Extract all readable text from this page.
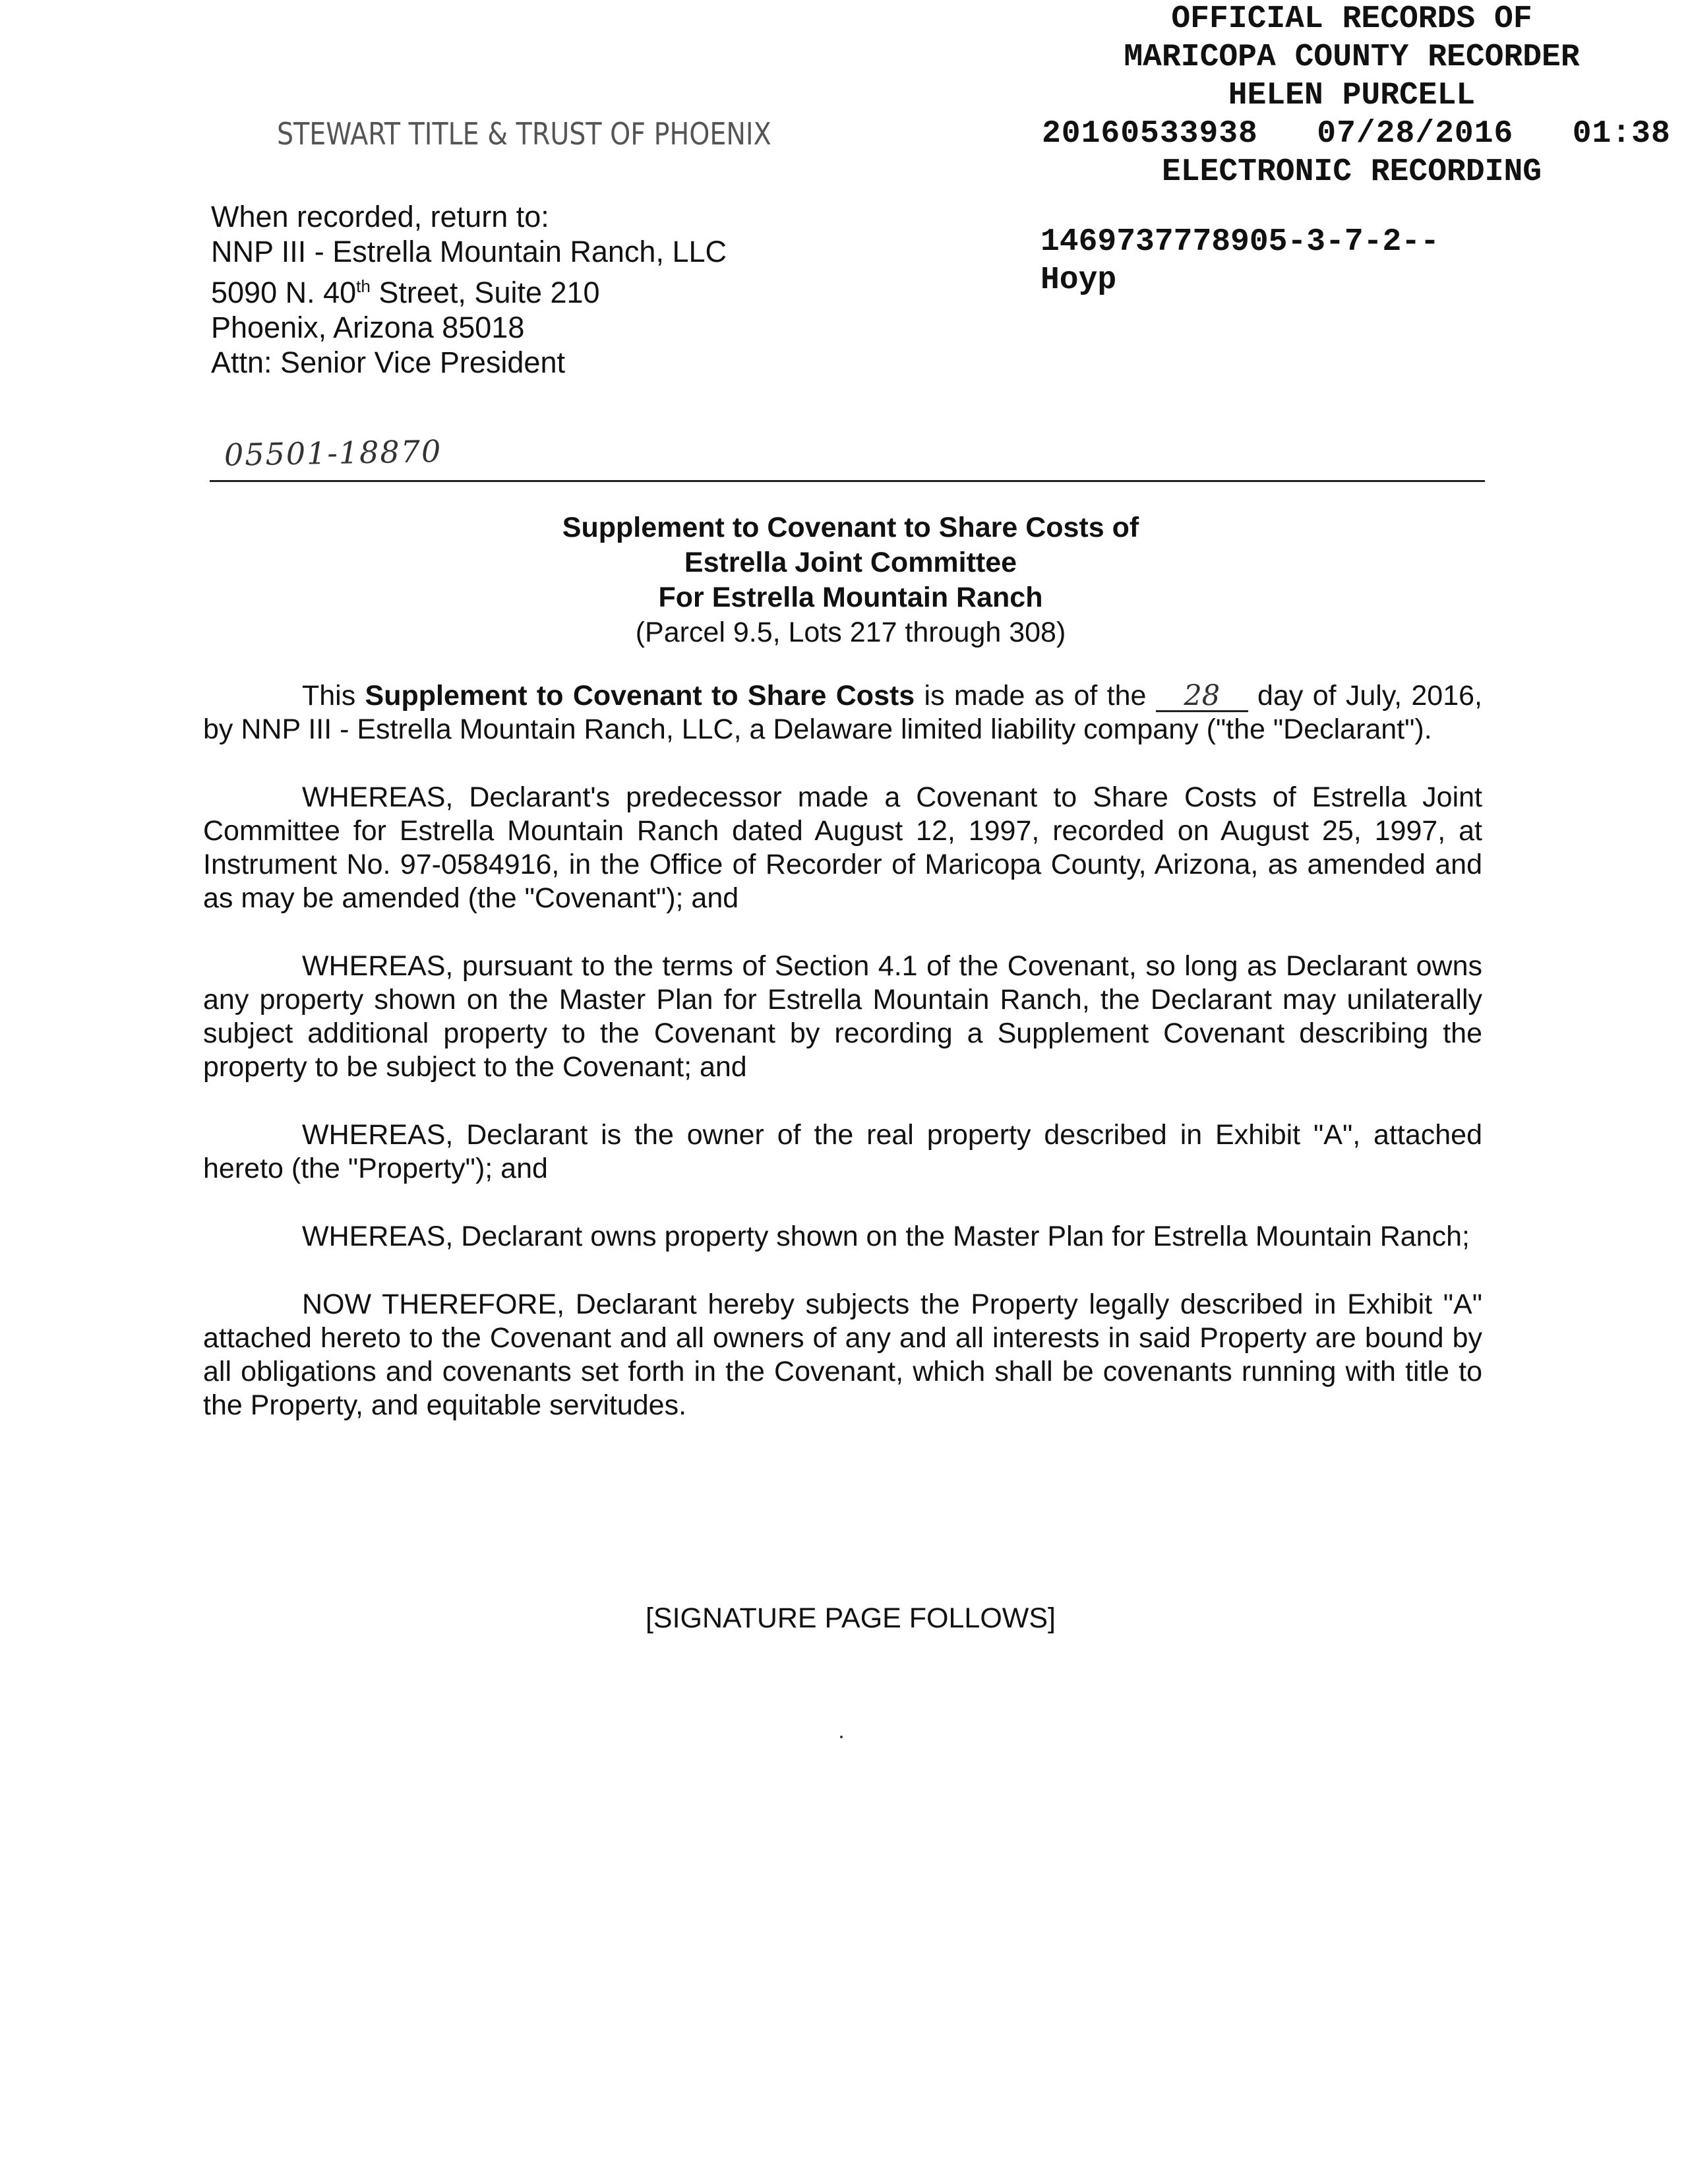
OFFICIAL RECORDS OF
MARICOPA COUNTY RECORDER
HELEN PURCELL
20160533938   07/28/2016   01:38
ELECTRONIC RECORDING
1469737778905-3-7-2--
Hoyp
STEWART TITLE & TRUST OF PHOENIX
When recorded, return to:
NNP III - Estrella Mountain Ranch, LLC
5090 N. 40th Street, Suite 210
Phoenix, Arizona 85018
Attn: Senior Vice President
05501-18870
Supplement to Covenant to Share Costs of
Estrella Joint Committee
For Estrella Mountain Ranch
(Parcel 9.5, Lots 217 through 308)

This Supplement to Covenant to Share Costs is made as of the 28 day of July, 2016, by NNP III - Estrella Mountain Ranch, LLC, a Delaware limited liability company ("the "Declarant").

WHEREAS, Declarant's predecessor made a Covenant to Share Costs of Estrella Joint Committee for Estrella Mountain Ranch dated August 12, 1997, recorded on August 25, 1997, at Instrument No. 97-0584916, in the Office of Recorder of Maricopa County, Arizona, as amended and as may be amended (the "Covenant"); and

WHEREAS, pursuant to the terms of Section 4.1 of the Covenant, so long as Declarant owns any property shown on the Master Plan for Estrella Mountain Ranch, the Declarant may unilaterally subject additional property to the Covenant by recording a Supplement Covenant describing the property to be subject to the Covenant; and

WHEREAS, Declarant is the owner of the real property described in Exhibit "A", attached hereto (the "Property"); and

WHEREAS, Declarant owns property shown on the Master Plan for Estrella Mountain Ranch;

NOW THEREFORE, Declarant hereby subjects the Property legally described in Exhibit "A" attached hereto to the Covenant and all owners of any and all interests in said Property are bound by all obligations and covenants set forth in the Covenant, which shall be covenants running with title to the Property, and equitable servitudes.

[SIGNATURE PAGE FOLLOWS]
